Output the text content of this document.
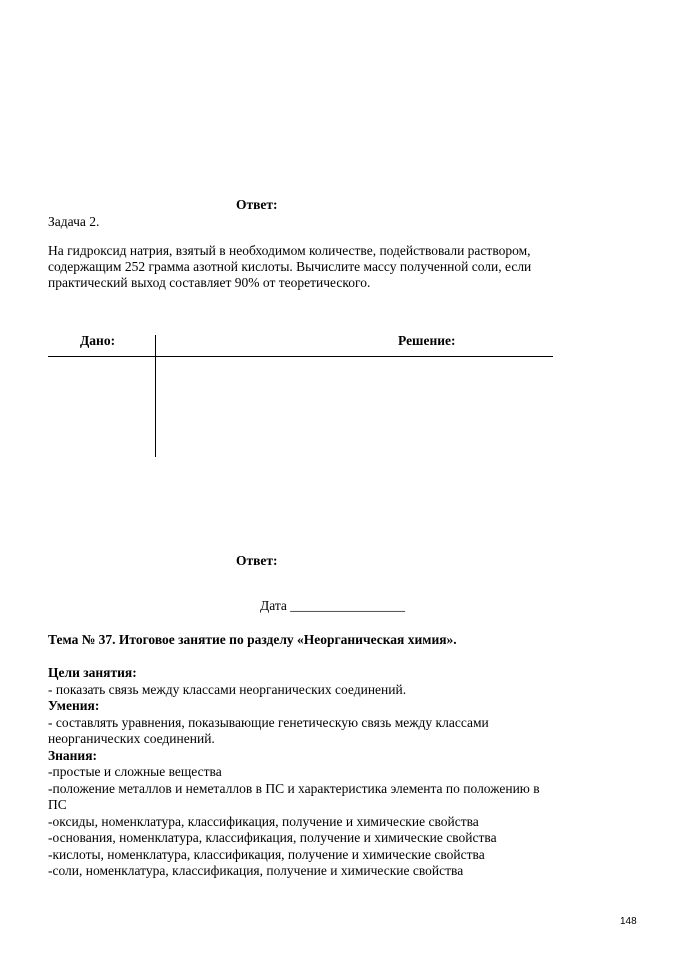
Ответ:
Задача 2.
На гидроксид натрия, взятый в необходимом количестве, подействовали раствором,
содержащим 252 грамма азотной кислоты. Вычислите массу полученной соли, если
практический выход составляет 90% от теоретического.
Дано:	Решение:
Ответ:
Дата _________________
Тема № 37. Итоговое занятие по разделу «Неорганическая химия».
Цели занятия:
- показать связь между классами неорганических соединений.
Умения:
- составлять уравнения, показывающие генетическую связь между классами
неорганических соединений.
Знания:
-простые и сложные вещества
-положение металлов и неметаллов в ПС и характеристика элемента по положению в
ПС
-оксиды, номенклатура, классификация, получение и химические свойства
-основания, номенклатура, классификация, получение и химические свойства
-кислоты, номенклатура, классификация, получение и химические свойства
-соли, номенклатура, классификация, получение и химические свойства
148
